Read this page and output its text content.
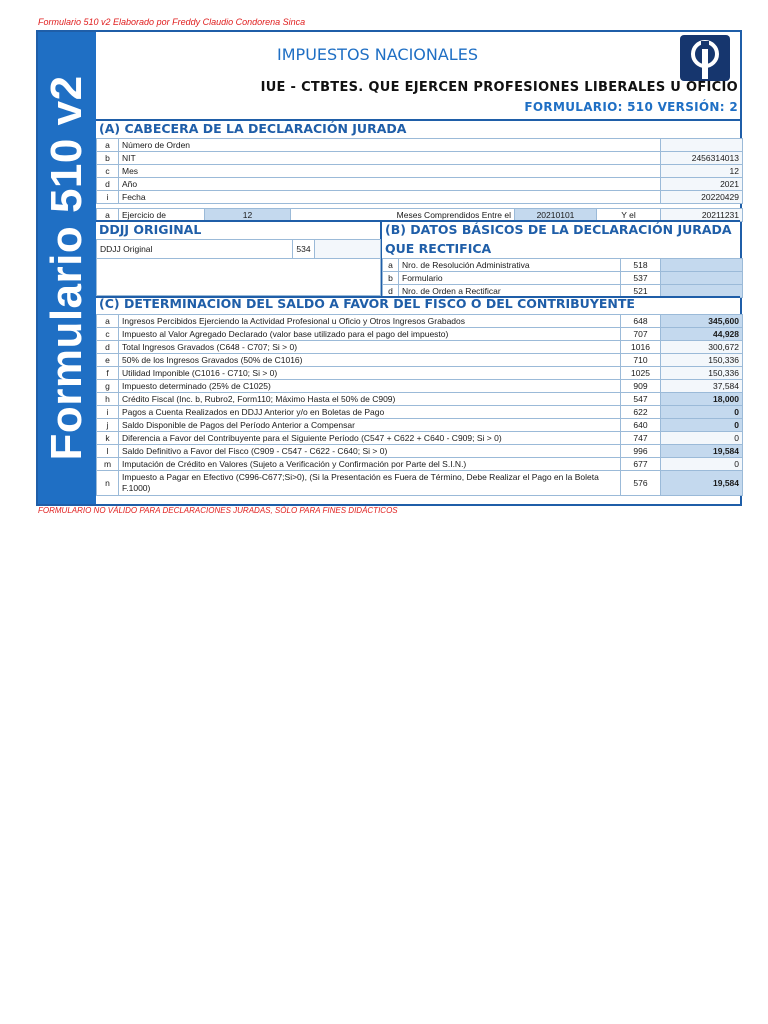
Formulario 510 v2 Elaborado por Freddy Claudio Condorena Sinca
Formulario 510 v2
IMPUESTOS NACIONALES
IUE - CTBTES. QUE EJERCEN PROFESIONES LIBERALES U OFICIO
FORMULARIO: 510 VERSIÓN: 2
(A) CABECERA DE LA DECLARACIÓN JURADA
a	Número de Orden	
b	NIT	2456314013
c	Mes	12
d	Año	2021
i	Fecha	20220429
a	Ejercicio de	12	Meses Comprendidos Entre el	20210101	Y el	20211231
DDJJ ORIGINAL
DDJJ Original	534	

(B) DATOS BÁSICOS DE LA DECLARACIÓN JURADA
QUE RECTIFICA
a	Nro. de Resolución Administrativa	518	
b	Formulario	537	
d	Nro. de Orden a Rectificar	521	
(C) DETERMINACION DEL SALDO A FAVOR DEL FISCO O DEL CONTRIBUYENTE
a	Ingresos Percibidos Ejerciendo la Actividad Profesional u Oficio y Otros Ingresos Grabados	648	345,600
c	Impuesto al Valor Agregado Declarado (valor base utilizado para el pago del impuesto)	707	44,928
d	Total Ingresos Gravados (C648 - C707; Si > 0)	1016	300,672
e	50% de los Ingresos Gravados (50% de C1016)	710	150,336
f	Utilidad Imponible (C1016 - C710; Si > 0)	1025	150,336
g	Impuesto determinado (25% de C1025)	909	37,584
h	Crédito Fiscal (Inc. b, Rubro2, Form110; Máximo Hasta el 50% de C909)	547	18,000
i	Pagos a Cuenta Realizados en DDJJ Anterior y/o en Boletas de Pago	622	0
j	Saldo Disponible de Pagos del Período Anterior a Compensar	640	0
k	Diferencia a Favor del Contribuyente para el Siguiente Período (C547 + C622 + C640 - C909; Si > 0)	747	0
l	Saldo Definitivo a Favor del Fisco (C909 - C547 - C622 - C640; Si > 0)	996	19,584
m	Imputación de Crédito en Valores (Sujeto a Verificación y Confirmación por Parte del S.I.N.)	677	0
n	Impuesto a Pagar en Efectivo (C996-C677;Si>0), (Si la Presentación es Fuera de Término, Debe Realizar el Pago en la Boleta F.1000)	576	19,584
FORMULARIO NO VÁLIDO PARA DECLARACIONES JURADAS, SÓLO PARA FINES DIDÁCTICOS
